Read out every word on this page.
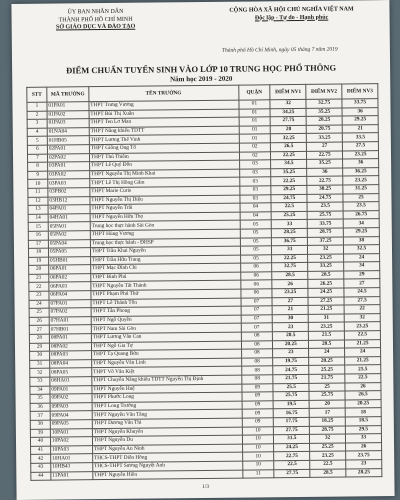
ỦY BAN NHÂN DÂN
THÀNH PHỐ HỒ CHÍ MINH
SỞ GIÁO DỤC VÀ ĐÀO TẠO
CỘNG HÒA XÃ HỘI CHỦ NGHĨA VIỆT NAM
Độc lập - Tự do - Hạnh phúc
Thành phố Hồ Chí Minh, ngày 05 tháng 7 năm 2019
ĐIỂM CHUẨN TUYỂN SINH VÀO LỚP 10 TRUNG HỌC PHỔ THÔNG
Năm học 2019 - 2020
STT	MÃ TRƯỜNG	TÊN TRƯỜNG	QUẬN	ĐIỂM NV1	ĐIỂM NV2	ĐIỂM NV3
1	01PA01	THPT Trưng Vương	01	32	32.75	33.75
2	01PA02	THPT Bùi Thị Xuân	01	34.25	35.25	36
3	01PA03	THPT Ten Lơ Man	01	27.75	28.25	29.25
4	01NA04	THPT Năng khiếu TDTT	01	20	20.75	21
5	01HB05	THPT Lương Thế Vinh	01	32.25	33.25	33.5
6	02PA01	THPT Giồng Ông Tố	02	26.5	27	27.5
7	02PA02	THPT Thủ Thiêm	02	22.25	22.75	23.25
8	03PA01	THPT Lê Quý Đôn	03	34.5	35.25	36
9	03PA02	THPT Nguyễn Thị Minh Khai	03	35.25	36	36.25
10	03PA03	THPT Lê Thị Hồng Gấm	03	22.25	22.75	23.25
11	03PB02	THPT Marie Curie	03	29.25	30.25	31.25
12	03HB12	THPT Nguyễn Thị Diệu	03	24.75	24.75	25
13	04PA01	THPT Nguyễn Trãi	04	22.5	23.5	23.5
14	04HA01	THPT Nguyễn Hữu Thọ	04	25.25	25.75	26.75
15	05PA01	Trung học thực hành Sài Gòn	05	33	33.75	34
16	05PA02	THPT Hùng Vương	05	28.25	28.75	29.25
17	05PA04	Trung học thực hành - ĐHSP	05	36.75	37.25	38
18	05PA05	THPT Trần Khai Nguyên	05	31	32	32.5
19	05HB01	THPT Trần Hữu Trang	05	22.25	23.25	24
20	06PA01	THPT Mạc Đĩnh Chi	06	32.75	33.25	34
21	06PA02	THPT Bình Phú	06	28.5	28.5	29
22	06PA03	THPT Nguyễn Tất Thành	06	26	26.25	27
23	06PA04	THPT Phạm Phú Thứ	06	23.25	24.25	24.5
24	07PA01	THPT Lê Thánh Tôn	07	27	27.25	27.5
25	07PA02	THPT Tân Phong	07	21	21.25	22
26	07HA01	THPT Ngô Quyền	07	30	31	32
27	07HB01	THPT Nam Sài Gòn	07	23	23.25	23.25
28	08PA01	THPT Lương Văn Can	08	20.5	21.5	22.5
29	08PA02	THPT Ngô Gia Tự	08	20.25	20.5	21.25
30	08PA03	THPT Tạ Quang Bửu	08	23	24	24
31	08PA04	THPT Nguyễn Văn Linh	08	19.75	20.25	21.25
32	08PA05	THPT Võ Văn Kiệt	08	24.75	25.25	25.5
33	08HA01	THPT Chuyên Năng khiếu TDTT Nguyễn Thị Định	08	21.75	21.75	22.5
34	09PA01	THPT Nguyễn Huệ	09	25.5	25	26
35	09PA02	THPT Phước Long	09	25.75	25.75	26.5
36	09PA03	THPT Long Trường	09	19.5	20	20.25
37	09PA04	THPT Nguyễn Văn Tăng	09	16.75	17	18
38	09PA05	THPT Dương Văn Thì	09	17.75	18.25	18.5
39	10PA01	THPT Nguyễn Khuyến	10	27.75	28.75	29.5
40	10PA02	THPT Nguyễn Du	10	31.5	32	33
41	10PA03	THPT Nguyễn An Ninh	10	24.25	25.25	26
42	10HA01	THCS-THPT Diên Hồng	10	22.75	23.25	23.75
43	10HB43	THCS-THPT Sương Nguyệt Anh	10	22.5	22.5	23
44	11PA01	THPT Nguyễn Hiền	11	27.75	28.5	28.25
1/3
